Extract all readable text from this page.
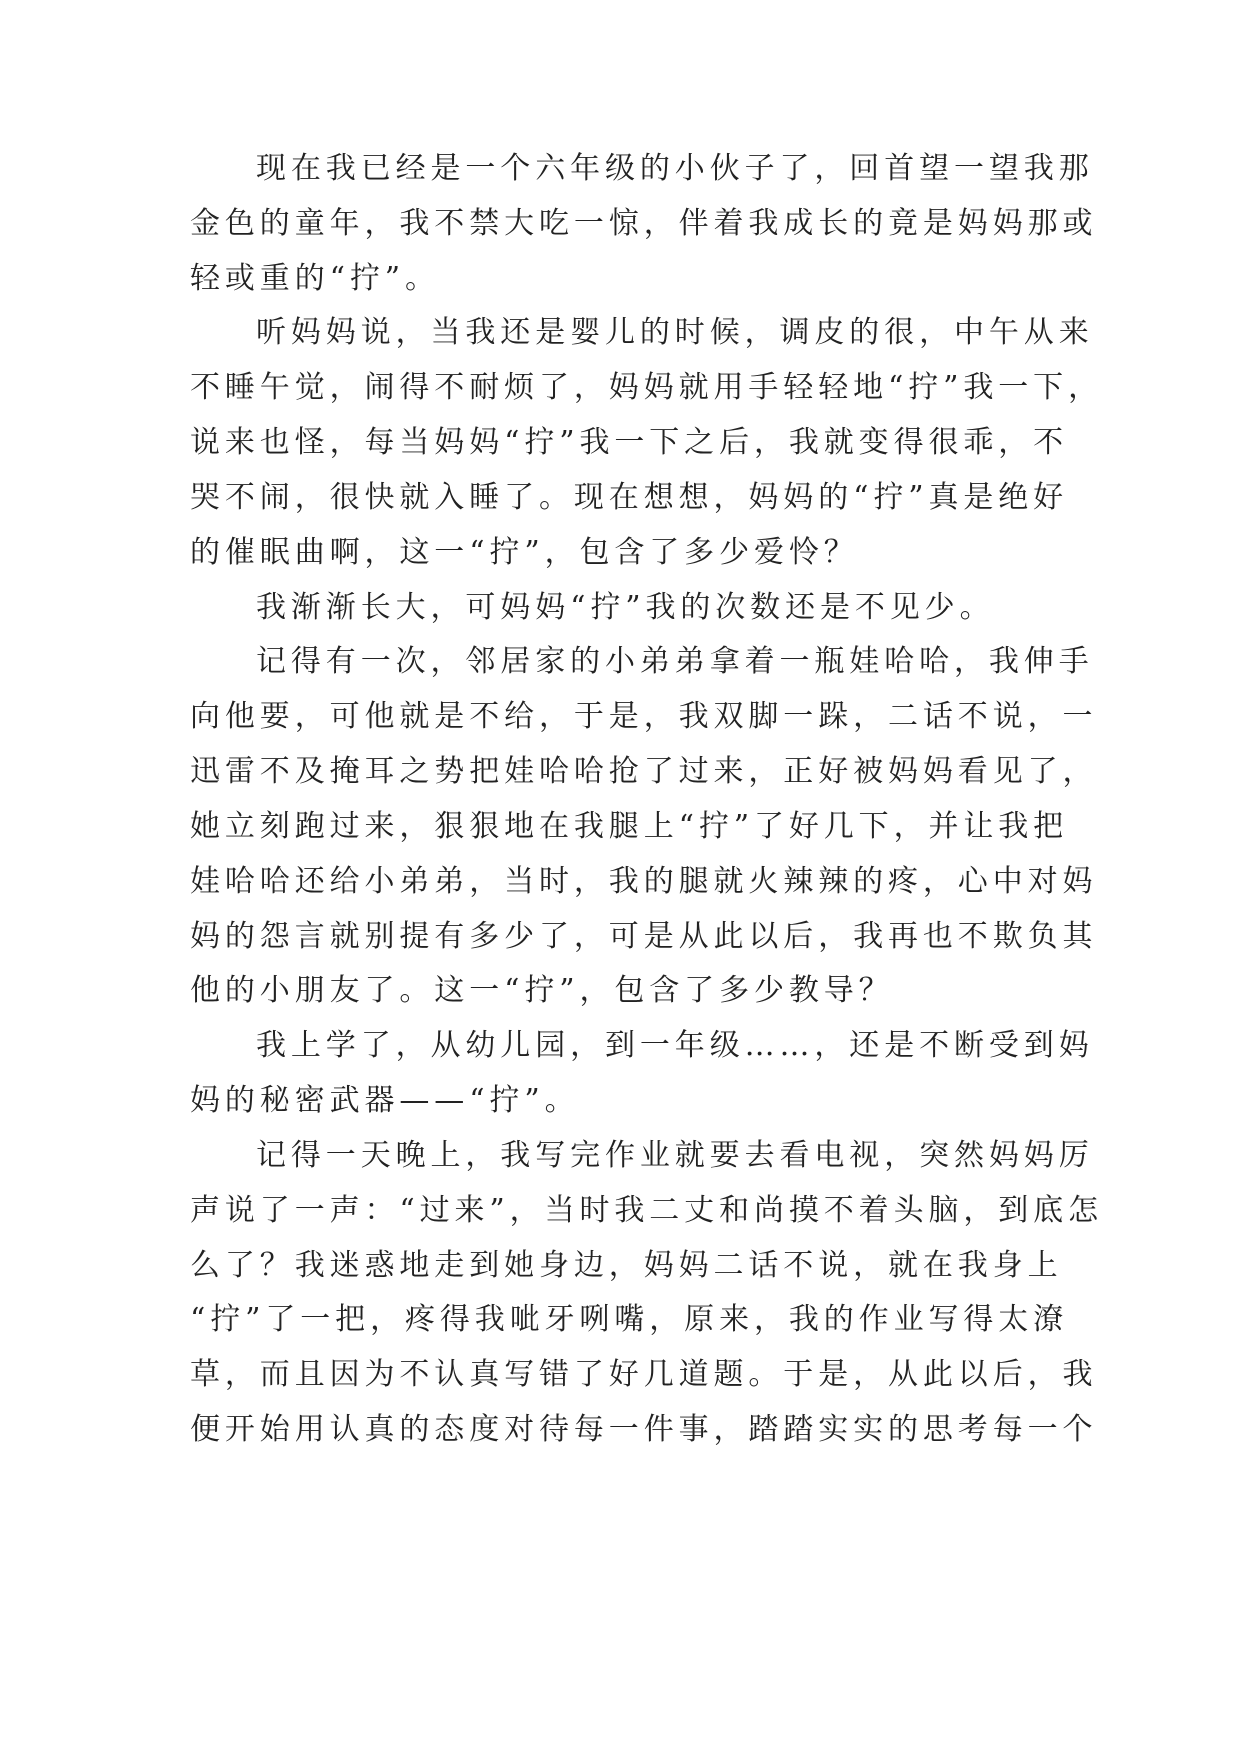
现在我已经是一个六年级的小伙子了，回首望一望我那
金色的童年，我不禁大吃一惊，伴着我成长的竟是妈妈那或
轻或重的“拧”。
听妈妈说，当我还是婴儿的时候，调皮的很，中午从来
不睡午觉，闹得不耐烦了，妈妈就用手轻轻地“拧”我一下，
说来也怪，每当妈妈“拧”我一下之后，我就变得很乖，不
哭不闹，很快就入睡了。现在想想，妈妈的“拧”真是绝好
的催眠曲啊，这一“拧”，包含了多少爱怜？
我渐渐长大，可妈妈“拧”我的次数还是不见少。
记得有一次，邻居家的小弟弟拿着一瓶娃哈哈，我伸手
向他要，可他就是不给，于是，我双脚一跺，二话不说，一
迅雷不及掩耳之势把娃哈哈抢了过来，正好被妈妈看见了，
她立刻跑过来，狠狠地在我腿上“拧”了好几下，并让我把
娃哈哈还给小弟弟，当时，我的腿就火辣辣的疼，心中对妈
妈的怨言就别提有多少了，可是从此以后，我再也不欺负其
他的小朋友了。这一“拧”，包含了多少教导？
我上学了，从幼儿园，到一年级……，还是不断受到妈
妈的秘密武器——“拧”。
记得一天晚上，我写完作业就要去看电视，突然妈妈厉
声说了一声：“过来”，当时我二丈和尚摸不着头脑，到底怎
么了？我迷惑地走到她身边，妈妈二话不说，就在我身上
“拧”了一把，疼得我呲牙咧嘴，原来，我的作业写得太潦
草，而且因为不认真写错了好几道题。于是，从此以后，我
便开始用认真的态度对待每一件事，踏踏实实的思考每一个
